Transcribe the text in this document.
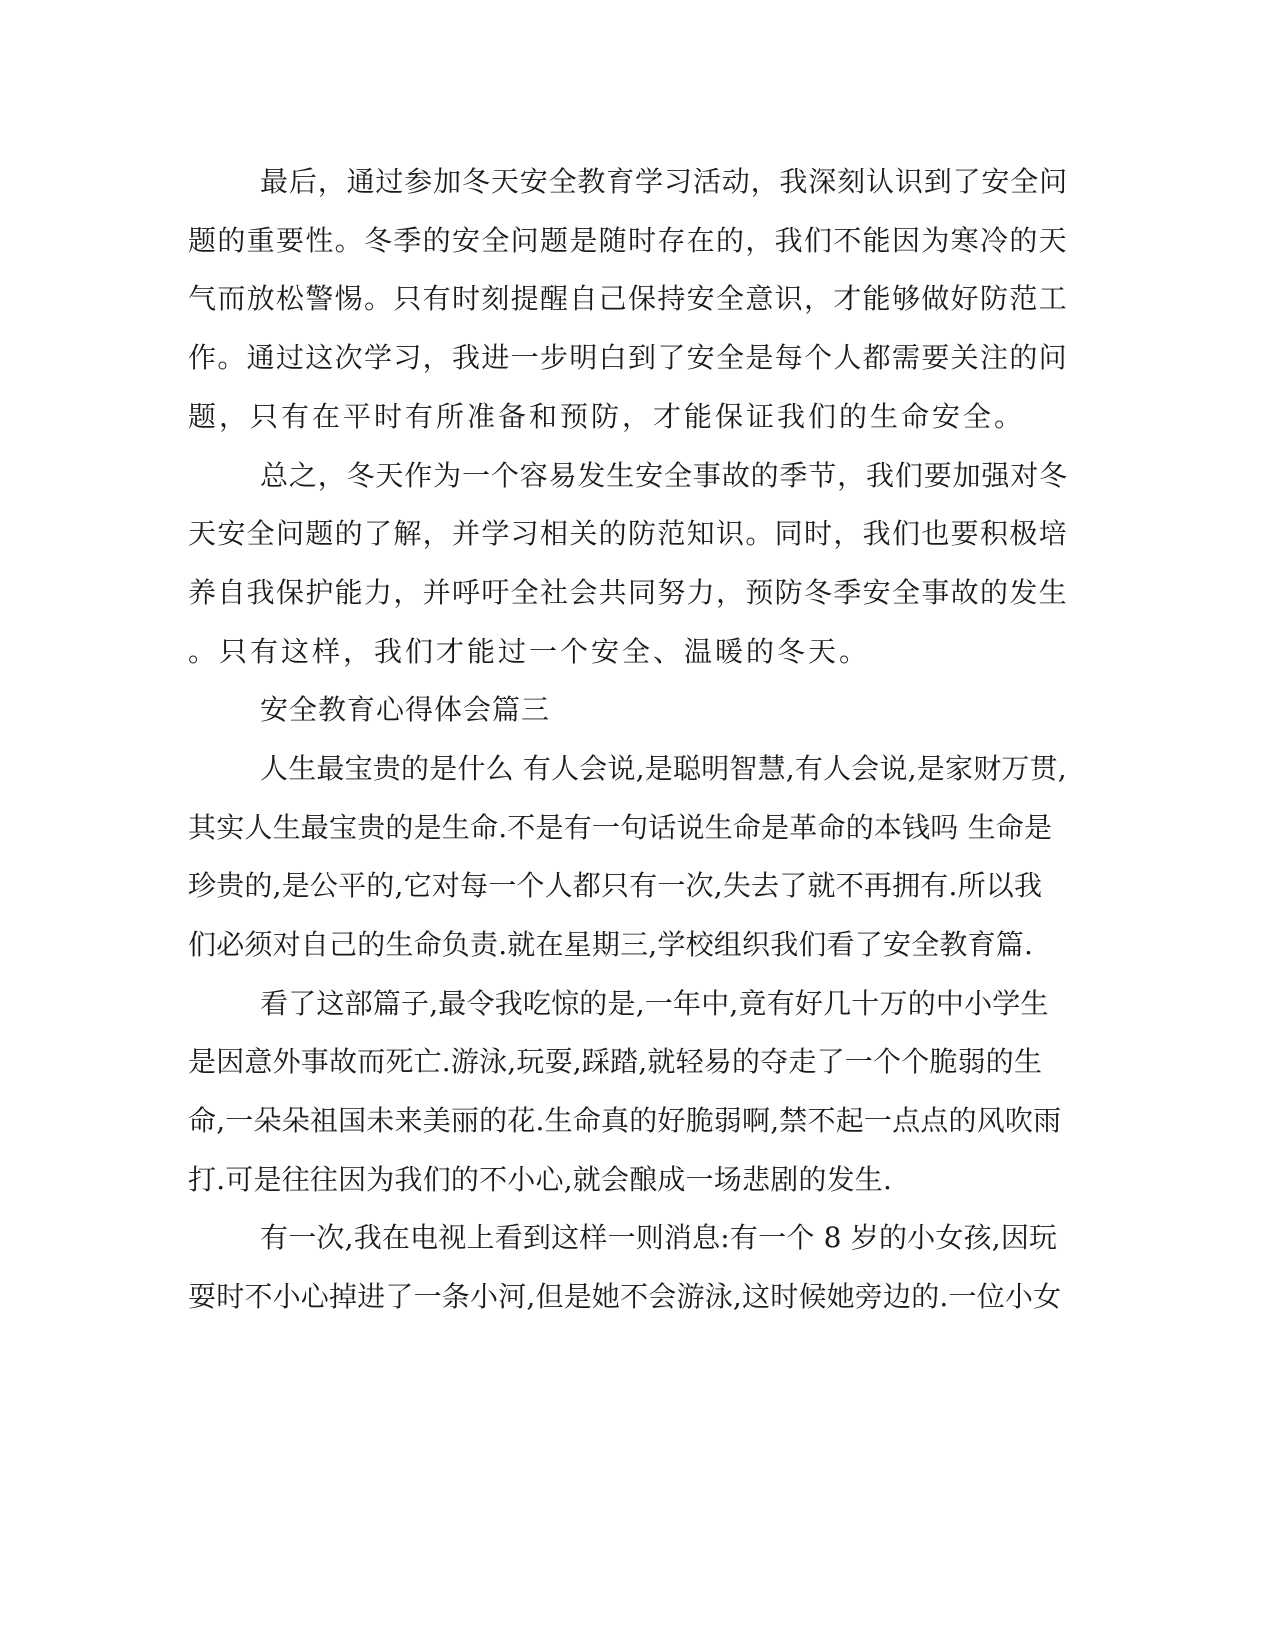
最后，通过参加冬天安全教育学习活动，我深刻认识到了安全问
题的重要性。冬季的安全问题是随时存在的，我们不能因为寒冷的天
气而放松警惕。只有时刻提醒自己保持安全意识，才能够做好防范工
作。通过这次学习，我进一步明白到了安全是每个人都需要关注的问
题，只有在平时有所准备和预防，才能保证我们的生命安全。
总之，冬天作为一个容易发生安全事故的季节，我们要加强对冬
天安全问题的了解，并学习相关的防范知识。同时，我们也要积极培
养自我保护能力，并呼吁全社会共同努力，预防冬季安全事故的发生
。只有这样，我们才能过一个安全、温暖的冬天。
安全教育心得体会篇三
人生最宝贵的是什么 有人会说,是聪明智慧,有人会说,是家财万贯,
其实人生最宝贵的是生命.不是有一句话说生命是革命的本钱吗 生命是
珍贵的,是公平的,它对每一个人都只有一次,失去了就不再拥有.所以我
们必须对自己的生命负责.就在星期三,学校组织我们看了安全教育篇.
看了这部篇子,最令我吃惊的是,一年中,竟有好几十万的中小学生
是因意外事故而死亡.游泳,玩耍,踩踏,就轻易的夺走了一个个脆弱的生
命,一朵朵祖国未来美丽的花.生命真的好脆弱啊,禁不起一点点的风吹雨
打.可是往往因为我们的不小心,就会酿成一场悲剧的发生.
有一次,我在电视上看到这样一则消息:有一个 8 岁的小女孩,因玩
耍时不小心掉进了一条小河,但是她不会游泳,这时候她旁边的.一位小女
